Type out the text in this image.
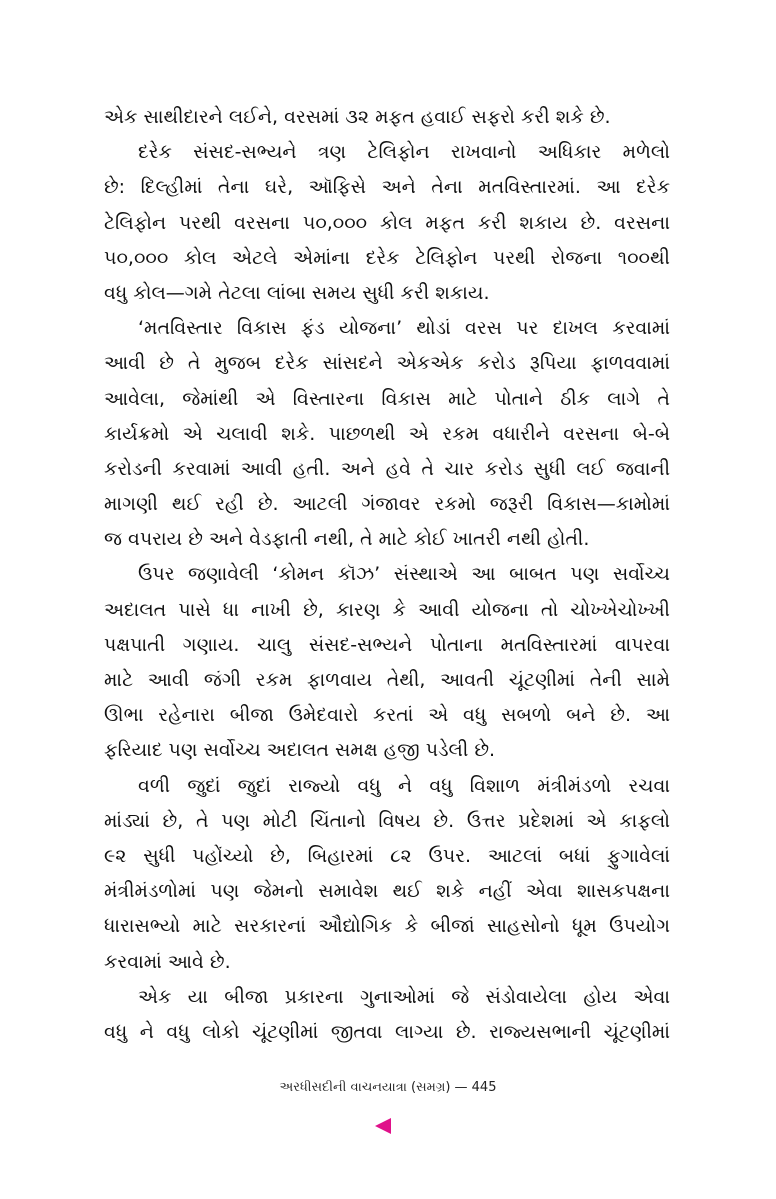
એક સાથીદારને લઈને, વરસમાં ૩૨ મફત હવાઈ સફરો કરી શકે છે.
દરેક સંસદ-સભ્યને ત્રણ ટેલિફોન રાખવાનો અધિકાર મળેલો
છે: દિલ્હીમાં તેના ઘરે, ઑફિસે અને તેના મતવિસ્તારમાં. આ દરેક
ટેલિફોન પરથી વરસના ૫૦,૦૦૦ કોલ મફત કરી શકાય છે. વરસના
૫૦,૦૦૦ કોલ એટલે એમાંના દરેક ટેલિફોન પરથી રોજના ૧૦૦થી
વધુ કોલ—ગમે તેટલા લાંબા સમય સુધી કરી શકાય.
‘મતવિસ્તાર વિકાસ ફંડ યોજના’ થોડાં વરસ પર દાખલ કરવામાં
આવી છે તે મુજબ દરેક સાંસદને એકએક કરોડ રૂપિયા ફાળવવામાં
આવેલા, જેમાંથી એ વિસ્તારના વિકાસ માટે પોતાને ઠીક લાગે તે
કાર્યક્રમો એ ચલાવી શકે. પાછળથી એ રકમ વધારીને વરસના બે-બે
કરોડની કરવામાં આવી હતી. અને હવે તે ચાર કરોડ સુધી લઈ જવાની
માગણી થઈ રહી છે. આટલી ગંજાવર રકમો જરૂરી વિકાસ—કામોમાં
જ વપરાય છે અને વેડફાતી નથી, તે માટે કોઈ ખાતરી નથી હોતી.
ઉપર જણાવેલી ‘કોમન કૉઝ’ સંસ્થાએ આ બાબત પણ સર્વોચ્ચ
અદાલત પાસે ધા નાખી છે, કારણ કે આવી યોજના તો ચોખ્ખેચોખ્ખી
પક્ષપાતી ગણાય. ચાલુ સંસદ-સભ્યને પોતાના મતવિસ્તારમાં વાપરવા
માટે આવી જંગી રકમ ફાળવાય તેથી, આવતી ચૂંટણીમાં તેની સામે
ઊભા રહેનારા બીજા ઉમેદવારો કરતાં એ વધુ સબળો બને છે. આ
ફરિયાદ પણ સર્વોચ્ચ અદાલત સમક્ષ હજી પડેલી છે.
વળી જુદાં જુદાં રાજ્યો વધુ ને વધુ વિશાળ મંત્રીમંડળો રચવા
માંડ્યાં છે, તે પણ મોટી ચિંતાનો વિષય છે. ઉત્તર પ્રદેશમાં એ કાફલો
૯૨ સુધી પહોંચ્યો છે, બિહારમાં ૮૨ ઉપર. આટલાં બધાં ફુગાવેલાં
મંત્રીમંડળોમાં પણ જેમનો સમાવેશ થઈ શકે નહીં એવા શાસકપક્ષના
ધારાસભ્યો માટે સરકારનાં ઔદ્યોગિક કે બીજાં સાહસોનો ધૂમ ઉપયોગ
કરવામાં આવે છે.
એક યા બીજા પ્રકારના ગુનાઓમાં જે સંડોવાયેલા હોય એવા
વધુ ને વધુ લોકો ચૂંટણીમાં જીતવા લાગ્યા છે. રાજ્યસભાની ચૂંટણીમાં
અરધીસદીની વાચનયાત્રા (સમગ્ર) — 445
